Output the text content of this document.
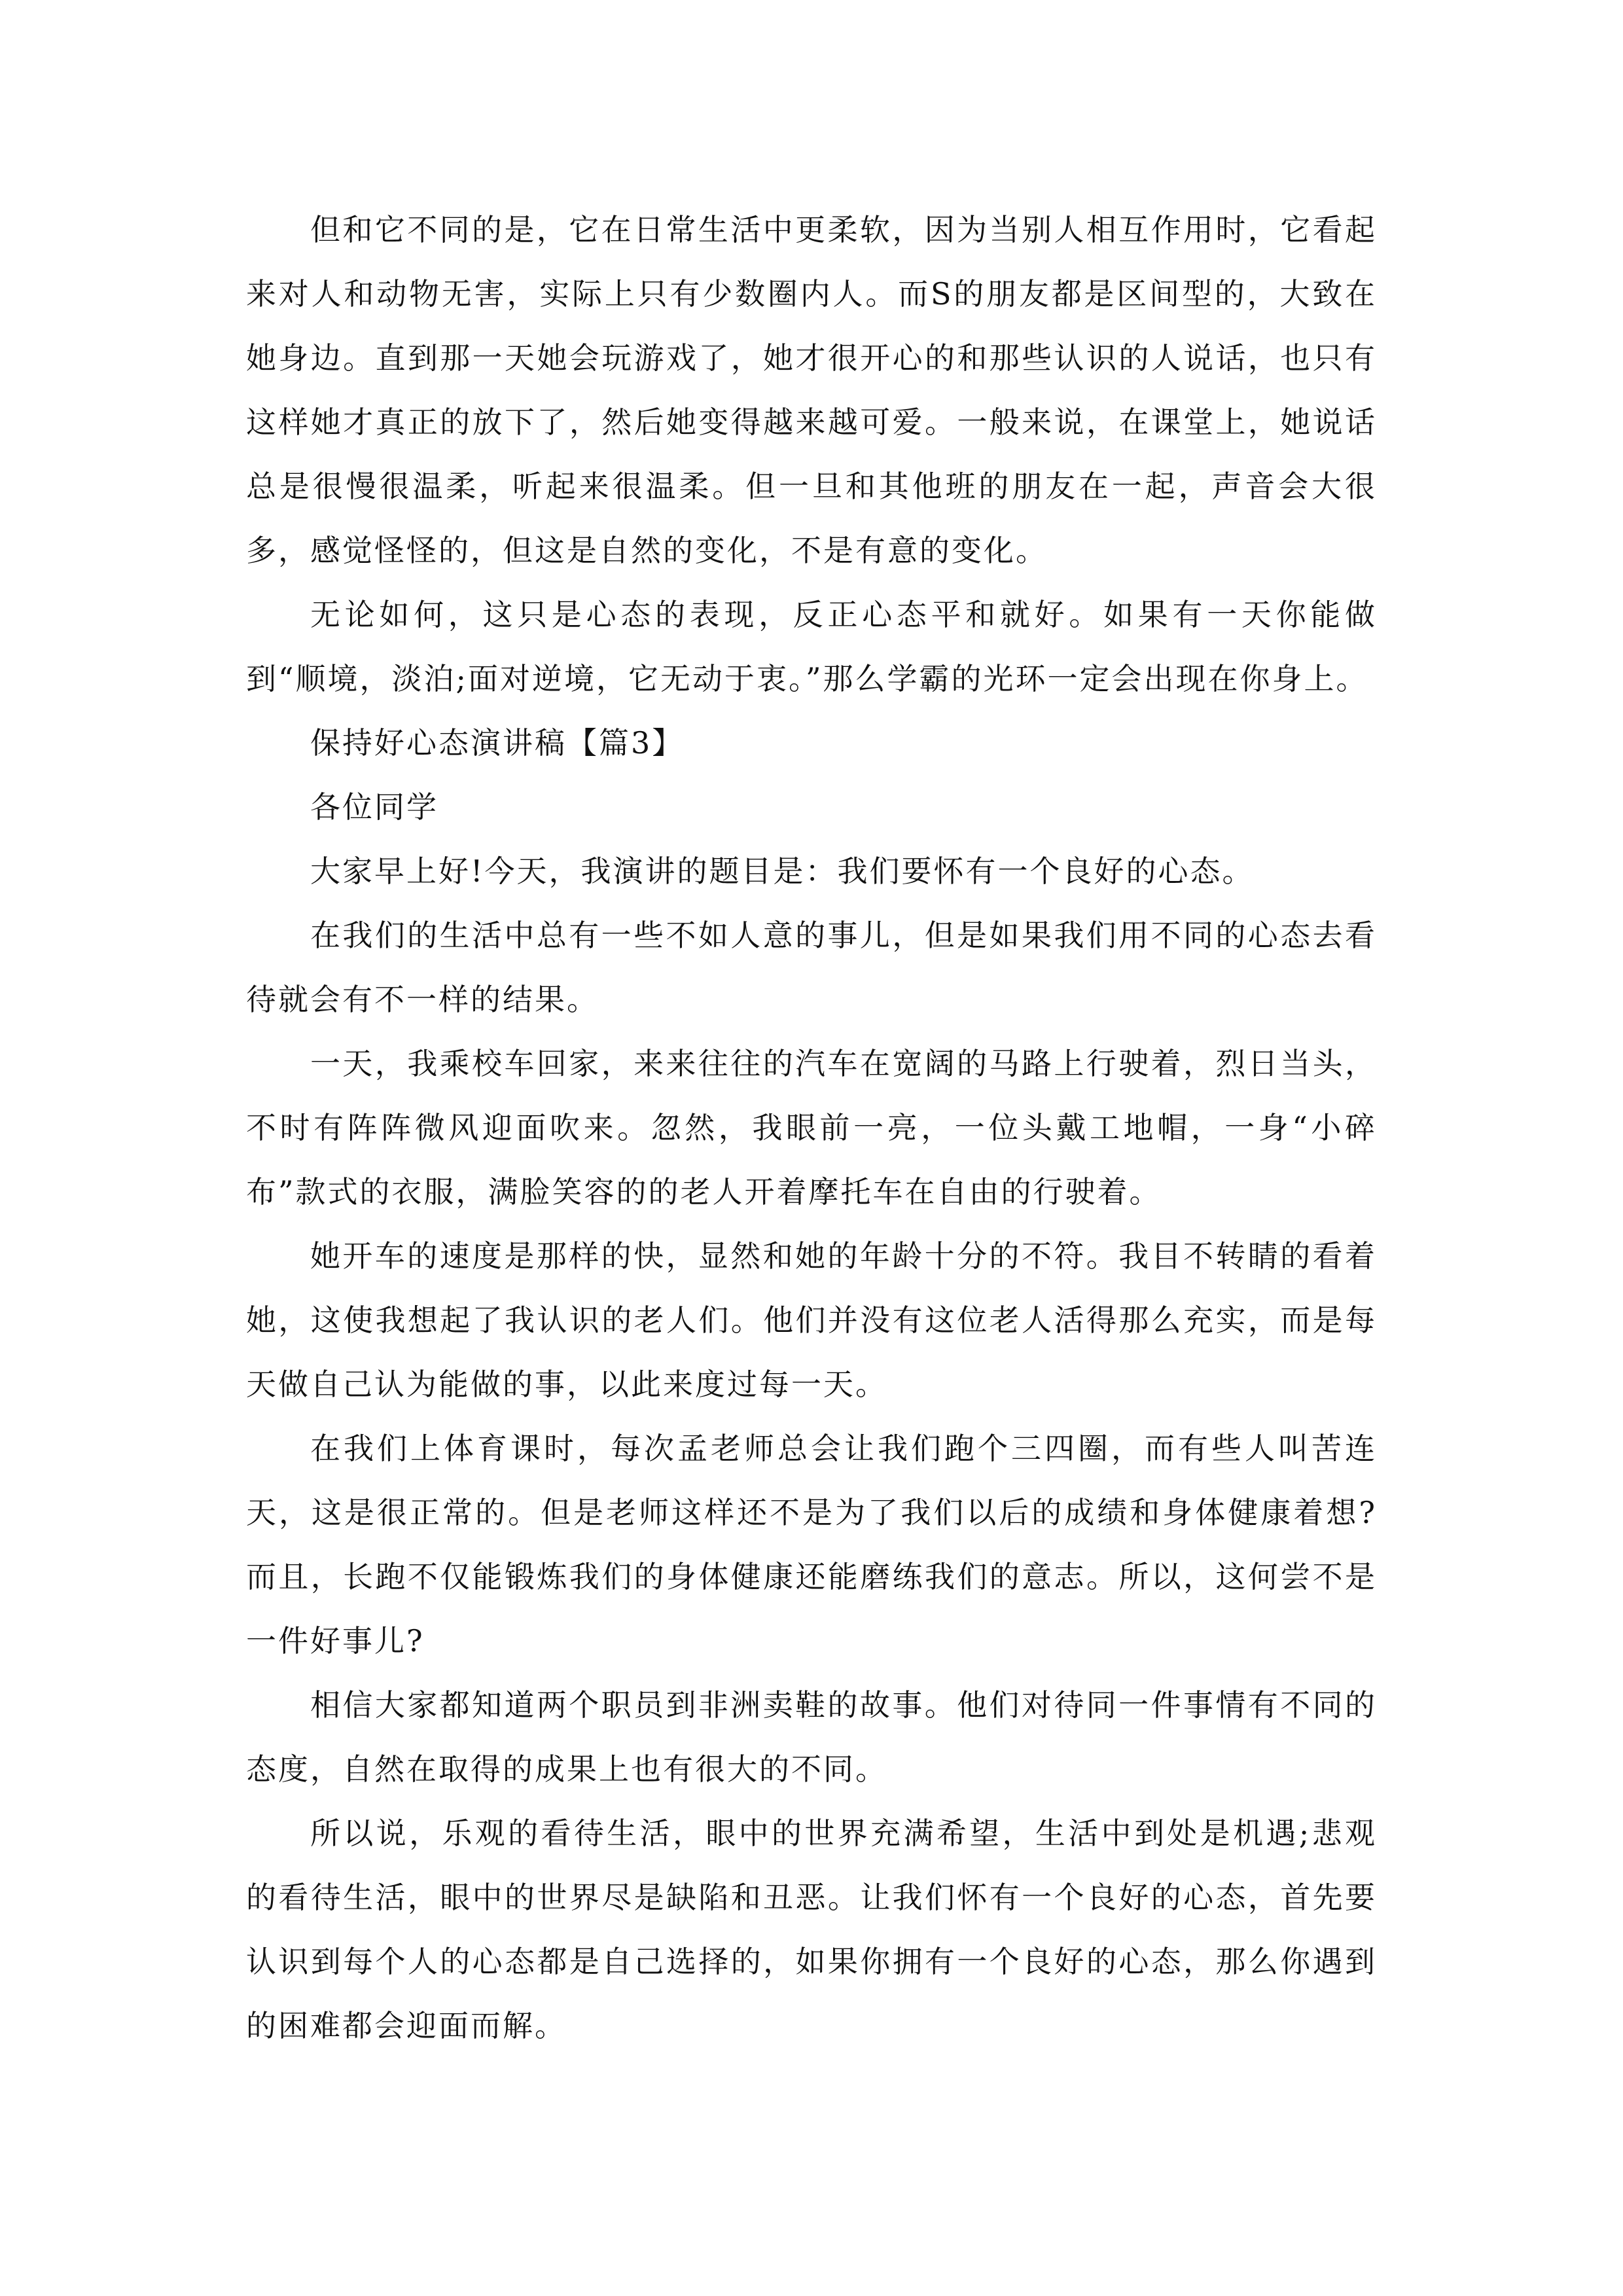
但和它不同的是，它在日常生活中更柔软，因为当别人相互作用时，它看起来对人和动物无害，实际上只有少数圈内人。而S的朋友都是区间型的，大致在她身边。直到那一天她会玩游戏了，她才很开心的和那些认识的人说话，也只有这样她才真正的放下了，然后她变得越来越可爱。一般来说，在课堂上，她说话总是很慢很温柔，听起来很温柔。但一旦和其他班的朋友在一起，声音会大很多，感觉怪怪的，但这是自然的变化，不是有意的变化。

无论如何，这只是心态的表现，反正心态平和就好。如果有一天你能做到“顺境，淡泊;面对逆境，它无动于衷。”那么学霸的光环一定会出现在你身上。

保持好心态演讲稿【篇3】

各位同学

大家早上好!今天，我演讲的题目是：我们要怀有一个良好的心态。

在我们的生活中总有一些不如人意的事儿，但是如果我们用不同的心态去看待就会有不一样的结果。

一天，我乘校车回家，来来往往的汽车在宽阔的马路上行驶着，烈日当头，不时有阵阵微风迎面吹来。忽然，我眼前一亮，一位头戴工地帽，一身“小碎布”款式的衣服，满脸笑容的的老人开着摩托车在自由的行驶着。

她开车的速度是那样的快，显然和她的年龄十分的不符。我目不转睛的看着她，这使我想起了我认识的老人们。他们并没有这位老人活得那么充实，而是每天做自己认为能做的事，以此来度过每一天。

在我们上体育课时，每次孟老师总会让我们跑个三四圈，而有些人叫苦连天，这是很正常的。但是老师这样还不是为了我们以后的成绩和身体健康着想?而且，长跑不仅能锻炼我们的身体健康还能磨练我们的意志。所以，这何尝不是一件好事儿?

相信大家都知道两个职员到非洲卖鞋的故事。他们对待同一件事情有不同的态度，自然在取得的成果上也有很大的不同。

所以说，乐观的看待生活，眼中的世界充满希望，生活中到处是机遇;悲观的看待生活，眼中的世界尽是缺陷和丑恶。让我们怀有一个良好的心态，首先要认识到每个人的心态都是自己选择的，如果你拥有一个良好的心态，那么你遇到的困难都会迎面而解。
